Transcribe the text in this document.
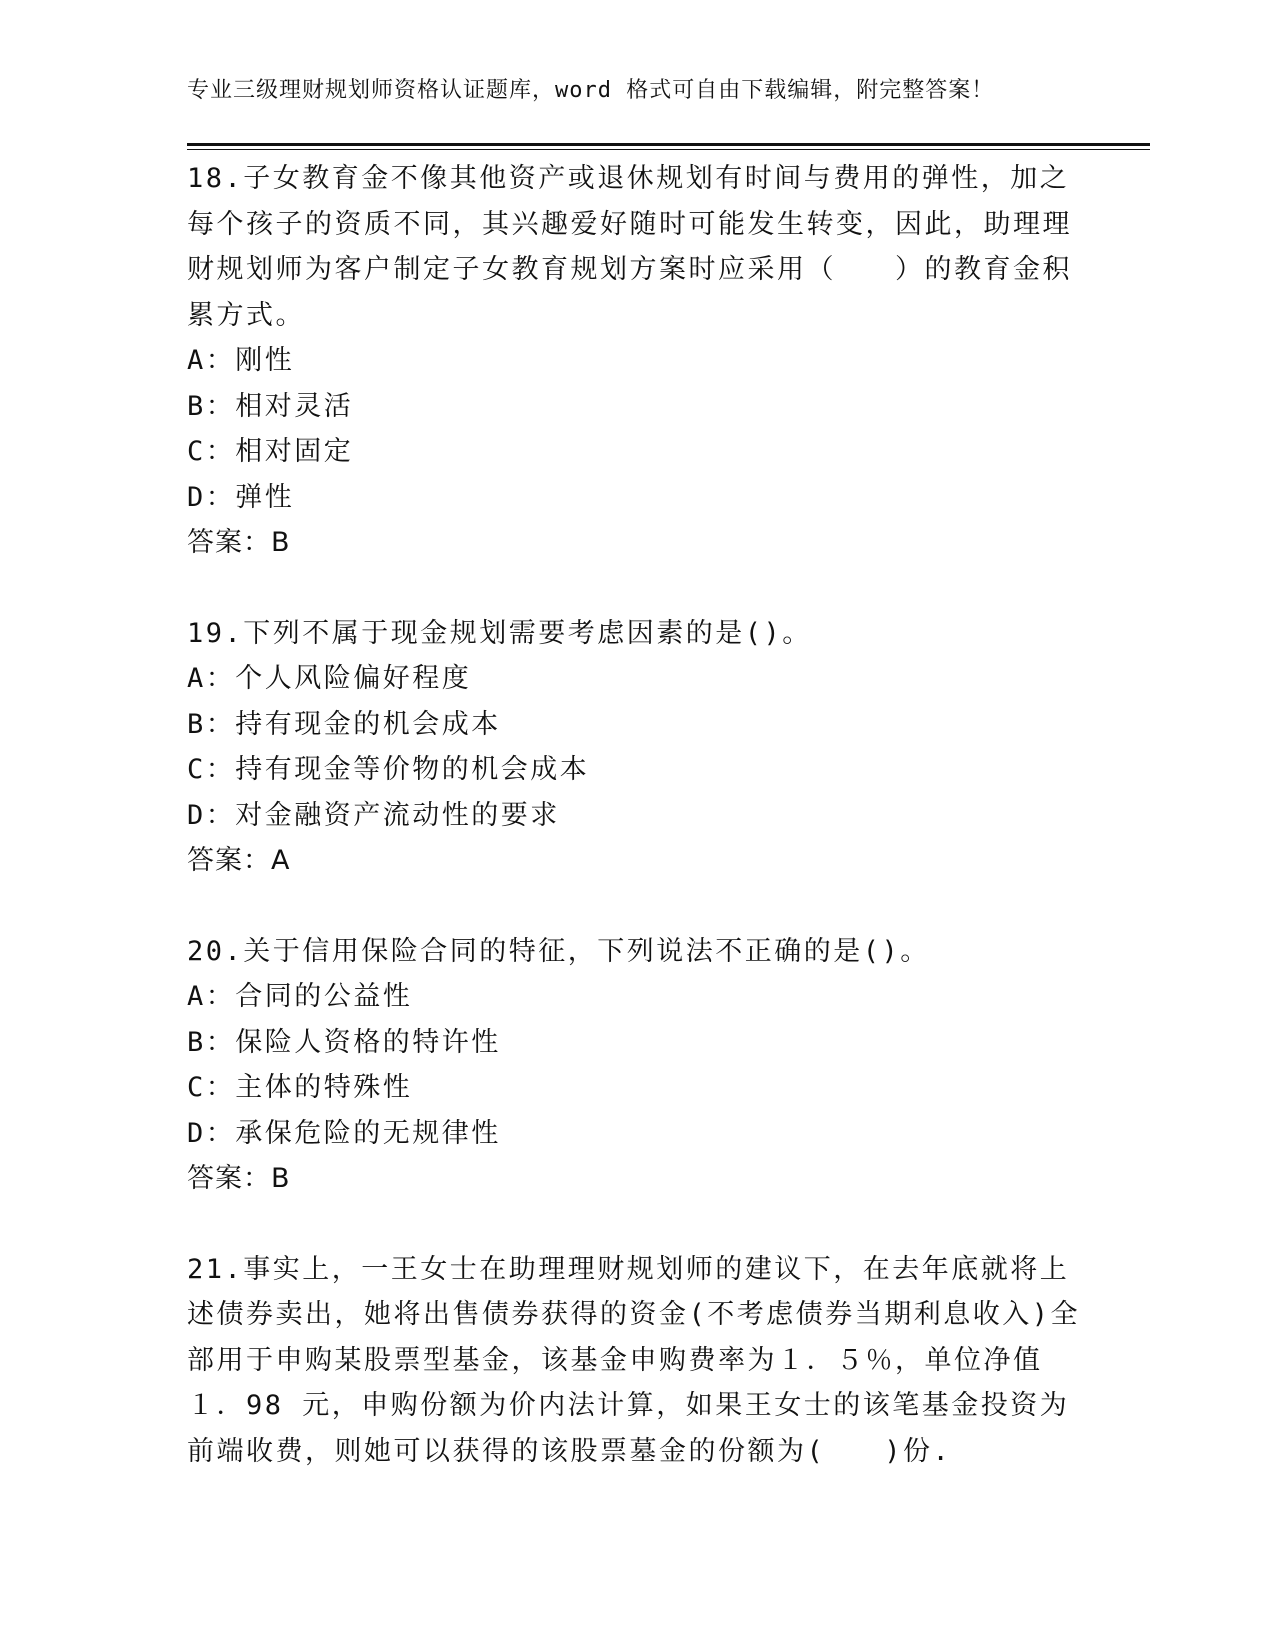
专业三级理财规划师资格认证题库，word 格式可自由下载编辑，附完整答案！

18.子女教育金不像其他资产或退休规划有时间与费用的弹性，加之每个孩子的资质不同，其兴趣爱好随时可能发生转变，因此，助理理财规划师为客户制定子女教育规划方案时应采用（　　）的教育金积累方式。

A：刚性

B：相对灵活

C：相对固定

D：弹性

答案：B

19.下列不属于现金规划需要考虑因素的是()。

A：个人风险偏好程度

B：持有现金的机会成本

C：持有现金等价物的机会成本

D：对金融资产流动性的要求

答案：A

20.关于信用保险合同的特征，下列说法不正确的是()。

A：合同的公益性

B：保险人资格的特许性

C：主体的特殊性

D：承保危险的无规律性

答案：B

21.事实上，一王女士在助理理财规划师的建议下，在去年底就将上述债券卖出，她将出售债券获得的资金(不考虑债券当期利息收入)全部用于申购某股票型基金，该基金申购费率为１．５％，单位净值１．98 元，申购份额为价内法计算，如果王女士的该笔基金投资为前端收费，则她可以获得的该股票墓金的份额为(　　)份.
